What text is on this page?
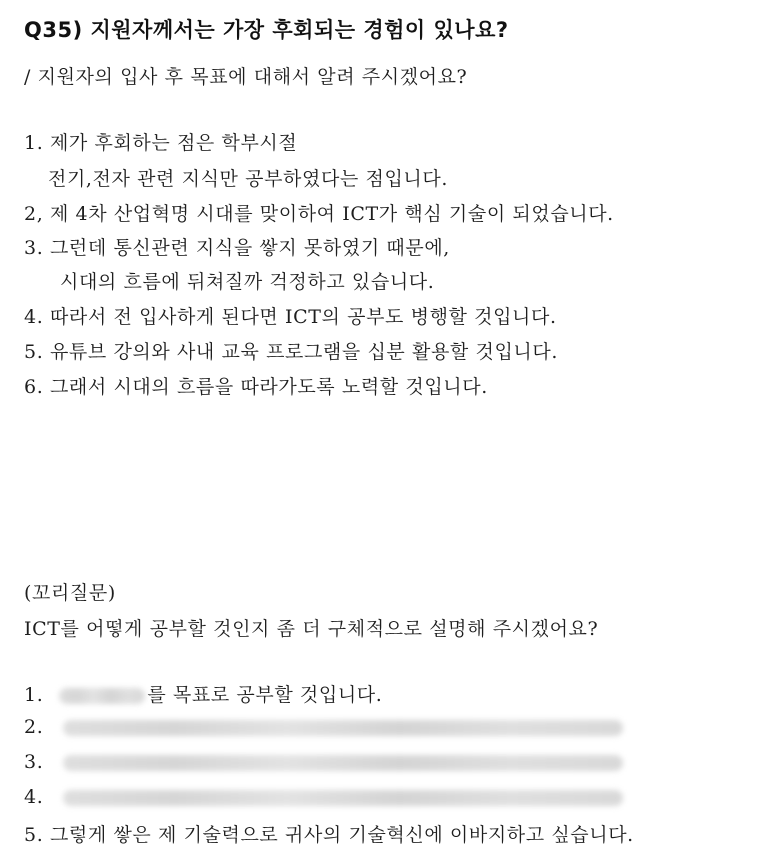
Q35) 지원자께서는 가장 후회되는 경험이 있나요?
/ 지원자의 입사 후 목표에 대해서 알려 주시겠어요?
1. 제가 후회하는 점은 학부시절
전기,전자 관련 지식만 공부하였다는 점입니다.
2, 제 4차 산업혁명 시대를 맞이하여 ICT가 핵심 기술이 되었습니다.
3. 그런데 통신관련 지식을 쌓지 못하였기 때문에,
시대의 흐름에 뒤쳐질까 걱정하고 있습니다.
4. 따라서 전 입사하게 된다면 ICT의 공부도 병행할 것입니다.
5. 유튜브 강의와 사내 교육 프로그램을 십분 활용할 것입니다.
6. 그래서 시대의 흐름을 따라가도록 노력할 것입니다.
(꼬리질문)
ICT를 어떻게 공부할 것인지 좀 더 구체적으로 설명해 주시겠어요?
1.	를 목표로 공부할 것입니다.
2.
3.
4.
5. 그렇게 쌓은 제 기술력으로 귀사의 기술혁신에 이바지하고 싶습니다.
